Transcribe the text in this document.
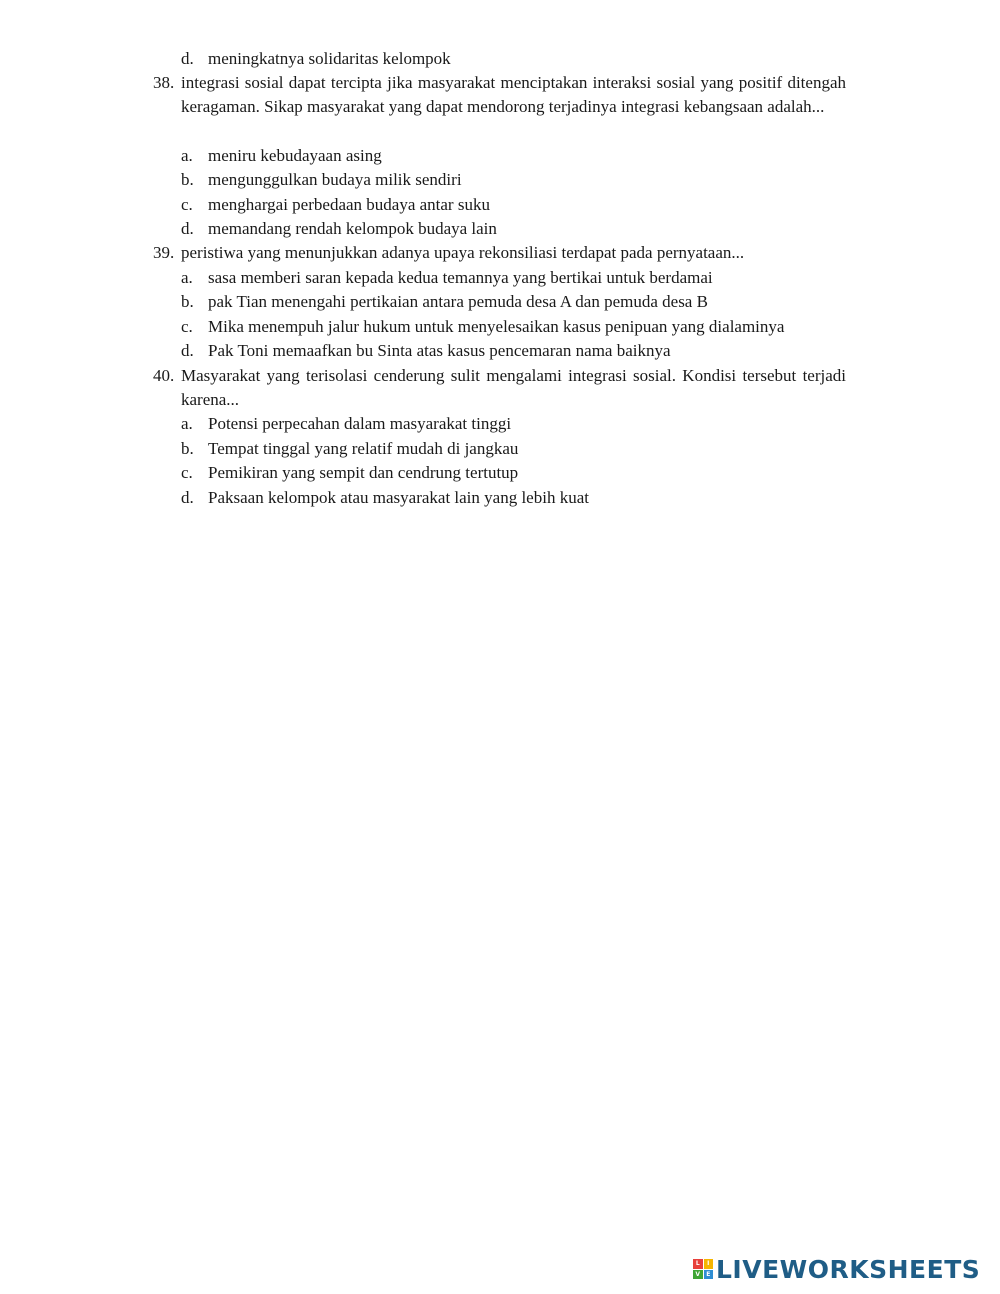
d. meningkatnya solidaritas kelompok
38. integrasi sosial dapat tercipta jika masyarakat menciptakan interaksi sosial yang positif ditengah keragaman. Sikap masyarakat yang dapat mendorong terjadinya integrasi kebangsaan adalah...
a. meniru kebudayaan asing
b. mengunggulkan budaya milik sendiri
c. menghargai perbedaan budaya antar suku
d. memandang rendah kelompok budaya lain
39. peristiwa yang menunjukkan adanya upaya rekonsiliasi terdapat pada pernyataan...
a. sasa memberi saran kepada kedua temannya yang bertikai untuk berdamai
b. pak Tian menengahi pertikaian antara pemuda desa A dan pemuda desa B
c. Mika menempuh jalur hukum untuk menyelesaikan kasus penipuan yang dialaminya
d. Pak Toni memaafkan bu Sinta atas kasus pencemaran nama baiknya
40. Masyarakat yang terisolasi cenderung sulit mengalami integrasi sosial. Kondisi tersebut terjadi karena...
a. Potensi perpecahan dalam masyarakat tinggi
b. Tempat tinggal yang relatif mudah di jangkau
c. Pemikiran yang sempit dan cendrung tertutup
d. Paksaan kelompok atau masyarakat lain yang lebih kuat
L	I
V	E LIVEWORKSHEETS
